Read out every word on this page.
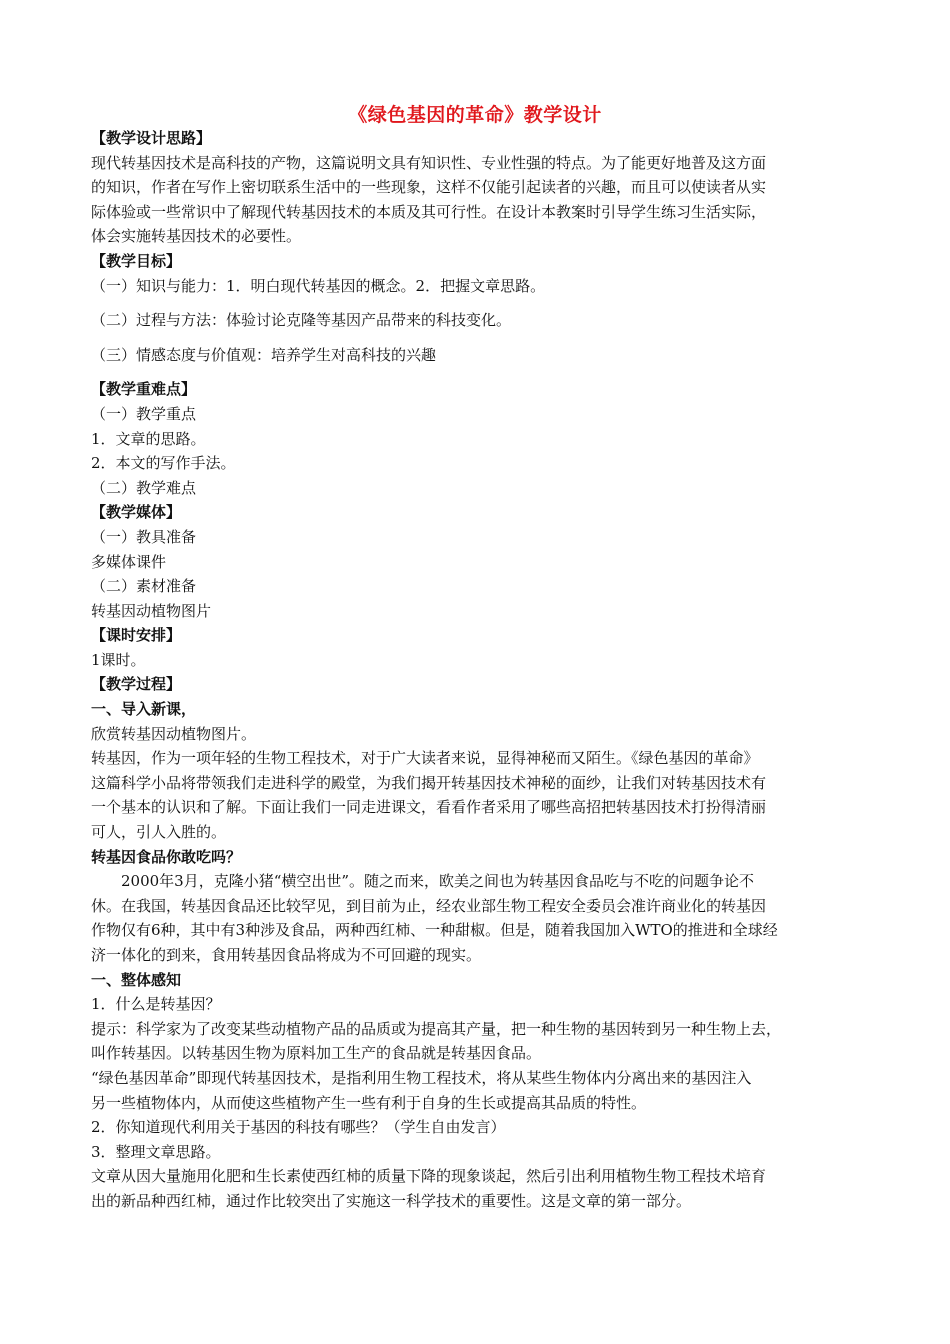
《绿色基因的革命》教学设计
【教学设计思路】
现代转基因技术是高科技的产物，这篇说明文具有知识性、专业性强的特点。为了能更好地普及这方面
的知识，作者在写作上密切联系生活中的一些现象，这样不仅能引起读者的兴趣，而且可以使读者从实
际体验或一些常识中了解现代转基因技术的本质及其可行性。在设计本教案时引导学生练习生活实际，
体会实施转基因技术的必要性。
【教学目标】
（一）知识与能力：1．明白现代转基因的概念。2．把握文章思路。
（二）过程与方法：体验讨论克隆等基因产品带来的科技变化。
（三）情感态度与价值观：培养学生对高科技的兴趣
【教学重难点】
（一）教学重点
1．文章的思路。
2．本文的写作手法。
（二）教学难点
【教学媒体】
（一）教具准备
多媒体课件
（二）素材准备
转基因动植物图片
【课时安排】
1课时。
【教学过程】
一、导入新课，
欣赏转基因动植物图片。
转基因，作为一项年轻的生物工程技术，对于广大读者来说，显得神秘而又陌生。《绿色基因的革命》
这篇科学小品将带领我们走进科学的殿堂，为我们揭开转基因技术神秘的面纱，让我们对转基因技术有
一个基本的认识和了解。下面让我们一同走进课文，看看作者采用了哪些高招把转基因技术打扮得清丽
可人，引人入胜的。
转基因食品你敢吃吗？
2000年3月，克隆小猪“横空出世”。随之而来，欧美之间也为转基因食品吃与不吃的问题争论不
休。在我国，转基因食品还比较罕见，到目前为止，经农业部生物工程安全委员会准许商业化的转基因
作物仅有6种，其中有3种涉及食品，两种西红柿、一种甜椒。但是，随着我国加入WTO的推进和全球经
济一体化的到来，食用转基因食品将成为不可回避的现实。
一、整体感知
1．什么是转基因？
提示：科学家为了改变某些动植物产品的品质或为提高其产量，把一种生物的基因转到另一种生物上去，
叫作转基因。以转基因生物为原料加工生产的食品就是转基因食品。
“绿色基因革命”即现代转基因技术，是指利用生物工程技术，将从某些生物体内分离出来的基因注入
另一些植物体内，从而使这些植物产生一些有利于自身的生长或提高其品质的特性。
2．你知道现代利用关于基因的科技有哪些？（学生自由发言）
3．整理文章思路。
文章从因大量施用化肥和生长素使西红柿的质量下降的现象谈起，然后引出利用植物生物工程技术培育
出的新品种西红柿，通过作比较突出了实施这一科学技术的重要性。这是文章的第一部分。
